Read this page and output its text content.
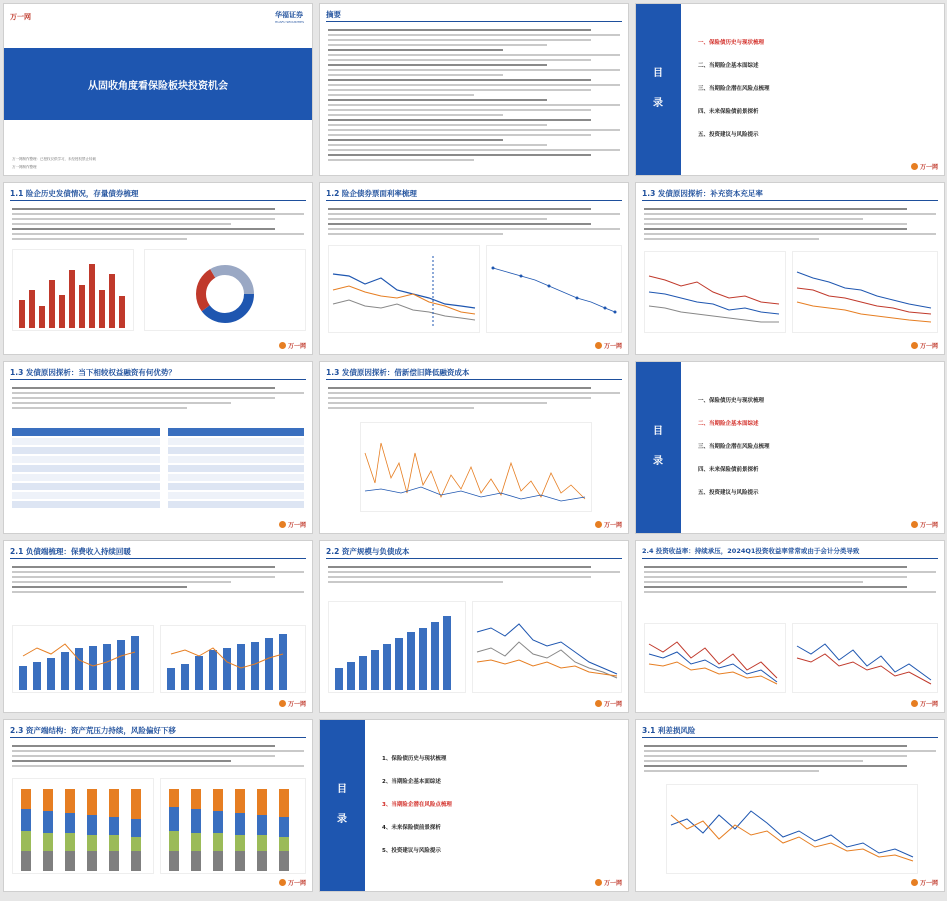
万一网	华福证券
HUAFU SECURITIES
从固收角度看保险板块投资机会
万一网制作整理：已授权仅供学习，未经授权禁止转载
万一网制作整理
摘要
目录
一、保险债历史与现状梳理
二、当期险企基本面综述
三、当期险企潜在风险点梳理
四、未来保险债前景探析
五、投资建议与风险提示
万一网
1.1 险企历史发债情况，存量债券梳理
万一网
1.2 险企债券票面利率梳理
万一网
1.3 发债原因探析：补充资本充足率
万一网
1.3 发债原因探析：当下相较权益融资有何优势？
万一网
1.3 发债原因探析：借新偿旧降低融资成本
万一网
目录
一、保险债历史与现状梳理
二、当期险企基本面综述
三、当期险企潜在风险点梳理
四、未来保险债前景探析
五、投资建议与风险提示
万一网
2.1 负债端梳理：保费收入持续回暖
万一网
2.2 资产规模与负债成本
万一网
2.4 投资收益率：持续承压，2024Q1投资收益率常常或由于会计分类导致
万一网
2.3 资产端结构：资产荒压力持续，风险偏好下移
万一网
目录
1、保险债历史与现状梳理
2、当期险企基本面综述
3、当期险企潜在风险点梳理
4、未来保险债前景探析
5、投资建议与风险提示
万一网
3.1 利差损风险
万一网
